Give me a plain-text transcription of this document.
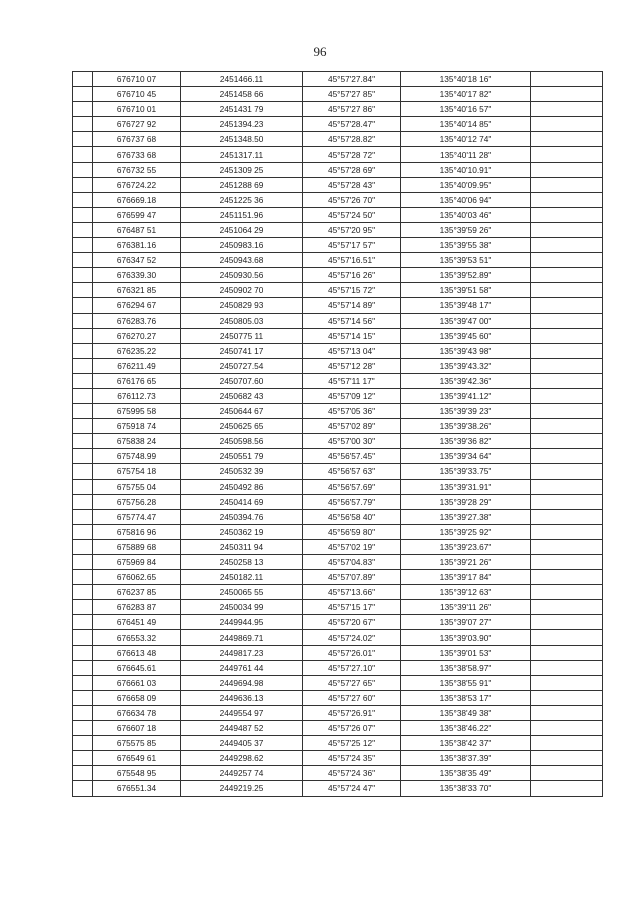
96
	676710 07	2451466.11	45°57'27.84"	135°40'18 16"	
	676710 45	2451458 66	45°57'27 85"	135°40'17 82"	
	676710 01	2451431 79	45°57'27 86"	135°40'16 57"	
	676727 92	2451394.23	45°57'28.47"	135°40'14 85"	
	676737 68	2451348.50	45°57'28.82"	135°40'12 74"	
	676733 68	2451317.11	45°57'28 72"	135°40'11 28"	
	676732 55	2451309 25	45°57'28 69"	135°40'10.91"	
	676724.22	2451288 69	45°57'28 43"	135°40'09.95"	
	676669.18	2451225 36	45°57'26 70"	135°40'06 94"	
	676599 47	2451151.96	45°57'24 50"	135°40'03 46"	
	676487 51	2451064 29	45°57'20 95"	135°39'59 26"	
	676381.16	2450983.16	45°57'17 57"	135°39'55 38"	
	676347 52	2450943.68	45°57'16.51"	135°39'53 51"	
	676339.30	2450930.56	45°57'16 26"	135°39'52.89"	
	676321 85	2450902 70	45°57'15 72"	135°39'51 58"	
	676294 67	2450829 93	45°57'14 89"	135°39'48 17"	
	676283.76	2450805.03	45°57'14 56"	135°39'47 00"	
	676270.27	2450775 11	45°57'14 15"	135°39'45 60"	
	676235.22	2450741 17	45°57'13 04"	135°39'43 98"	
	676211.49	2450727.54	45°57'12 28"	135°39'43.32"	
	676176 65	2450707.60	45°57'11 17"	135°39'42.36"	
	676112.73	2450682 43	45°57'09 12"	135°39'41.12"	
	675995 58	2450644 67	45°57'05 36"	135°39'39 23"	
	675918 74	2450625 65	45°57'02 89"	135°39'38.26"	
	675838 24	2450598.56	45°57'00 30"	135°39'36 82"	
	675748.99	2450551 79	45°56'57.45"	135°39'34 64"	
	675754 18	2450532 39	45°56'57 63"	135°39'33.75"	
	675755 04	2450492 86	45°56'57.69"	135°39'31.91"	
	675756.28	2450414 69	45°56'57.79"	135°39'28 29"	
	675774.47	2450394.76	45°56'58 40"	135°39'27.38"	
	675816 96	2450362 19	45°56'59 80"	135°39'25 92"	
	675889 68	2450311 94	45°57'02 19"	135°39'23.67"	
	675969 84	2450258 13	45°57'04.83"	135°39'21 26"	
	676062.65	2450182.11	45°57'07.89"	135°39'17 84"	
	676237 85	2450065 55	45°57'13.66"	135°39'12 63"	
	676283 87	2450034 99	45°57'15 17"	135°39'11 26"	
	676451 49	2449944.95	45°57'20 67"	135°39'07 27"	
	676553.32	2449869.71	45°57'24.02"	135°39'03.90"	
	676613 48	2449817.23	45°57'26.01"	135°39'01 53"	
	676645.61	2449761 44	45°57'27.10"	135°38'58.97"	
	676661 03	2449694.98	45°57'27 65"	135°38'55 91"	
	676658 09	2449636.13	45°57'27 60"	135°38'53 17"	
	676634 78	2449554 97	45°57'26.91"	135°38'49 38"	
	676607 18	2449487 52	45°57'26 07"	135°38'46.22"	
	675575 85	2449405 37	45°57'25 12"	135°38'42 37"	
	676549 61	2449298.62	45°57'24 35"	135°38'37.39"	
	675548 95	2449257 74	45°57'24 36"	135°38'35 49"	
	676551.34	2449219.25	45°57'24 47"	135°38'33 70"	
